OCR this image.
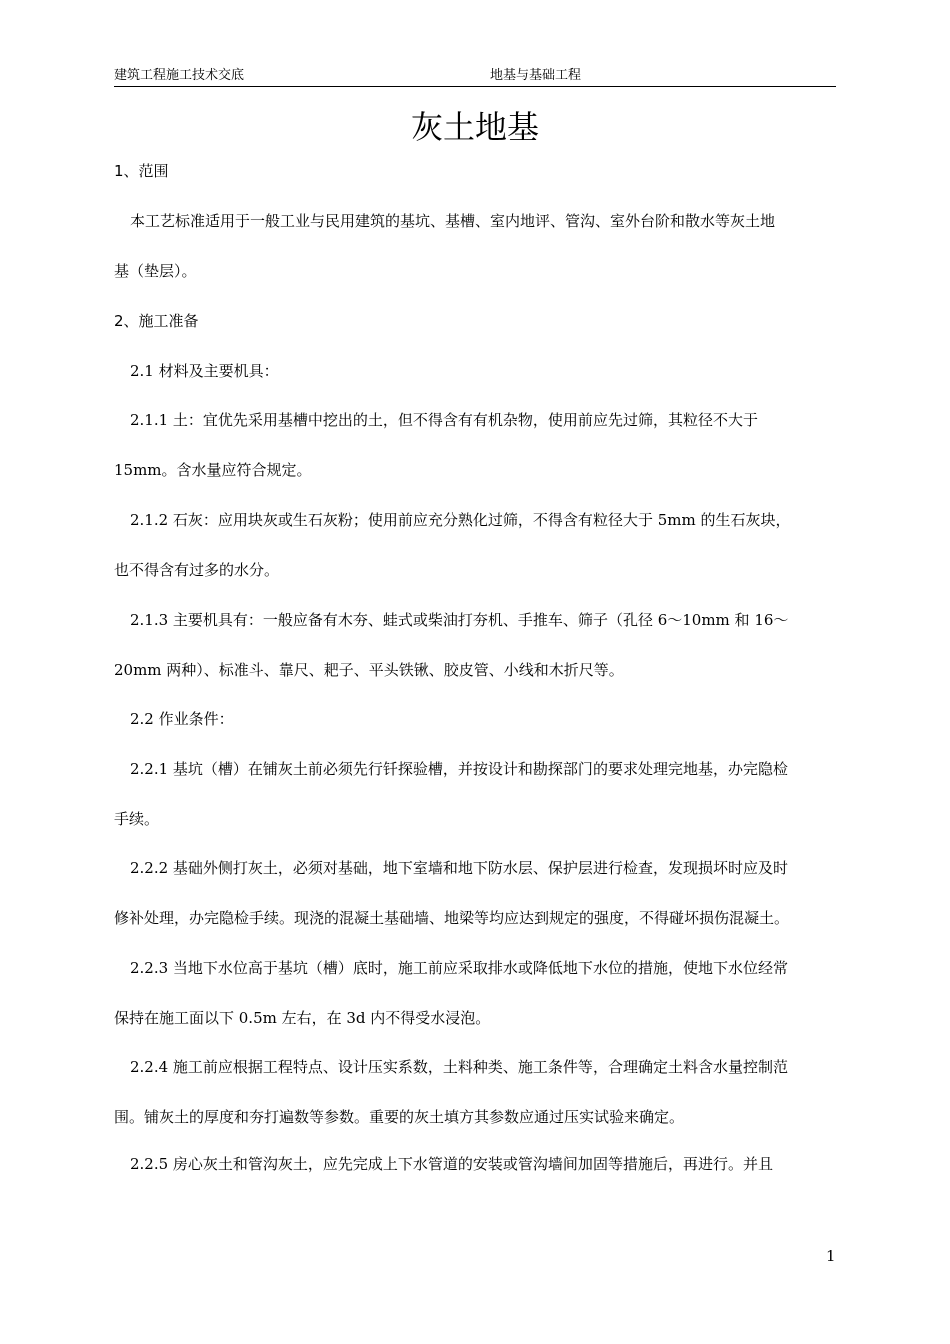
建筑工程施工技术交底	地基与基础工程
灰土地基
1、范围
本工艺标准适用于一般工业与民用建筑的基坑、基槽、室内地评、管沟、室外台阶和散水等灰土地
基（垫层）。
2、施工准备
2.1 材料及主要机具：
2.1.1 土：宜优先采用基槽中挖出的土，但不得含有有机杂物，使用前应先过筛，其粒径不大于
15mm。含水量应符合规定。
2.1.2 石灰：应用块灰或生石灰粉；使用前应充分熟化过筛，不得含有粒径大于 5mm 的生石灰块，
也不得含有过多的水分。
2.1.3 主要机具有：一般应备有木夯、蛙式或柴油打夯机、手推车、筛子（孔径 6～10mm 和 16～
20mm 两种）、标准斗、靠尺、耙子、平头铁锹、胶皮管、小线和木折尺等。
2.2 作业条件：
2.2.1 基坑（槽）在铺灰土前必须先行钎探验槽，并按设计和勘探部门的要求处理完地基，办完隐检
手续。
2.2.2 基础外侧打灰土，必须对基础，地下室墙和地下防水层、保护层进行检查，发现损坏时应及时
修补处理，办完隐检手续。现浇的混凝土基础墙、地梁等均应达到规定的强度，不得碰坏损伤混凝土。
2.2.3 当地下水位高于基坑（槽）底时，施工前应采取排水或降低地下水位的措施，使地下水位经常
保持在施工面以下 0.5m 左右，在 3d 内不得受水浸泡。
2.2.4 施工前应根据工程特点、设计压实系数，土料种类、施工条件等，合理确定土料含水量控制范
围。铺灰土的厚度和夯打遍数等参数。重要的灰土填方其参数应通过压实试验来确定。
2.2.5 房心灰土和管沟灰土，应先完成上下水管道的安装或管沟墙间加固等措施后，再进行。并且
1
